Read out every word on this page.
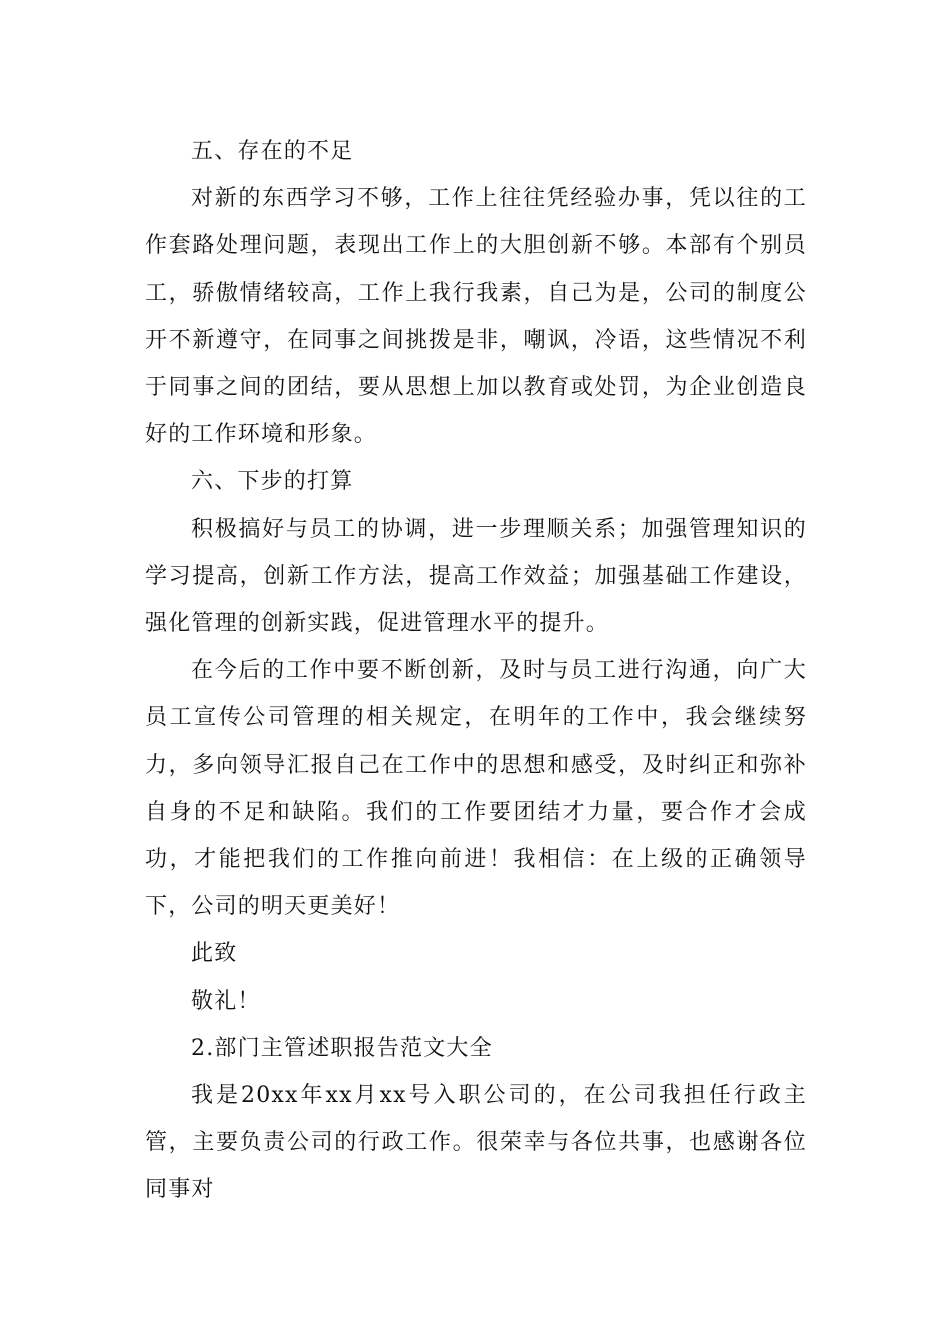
五、存在的不足

对新的东西学习不够，工作上往往凭经验办事，凭以往的工作套路处理问题，表现出工作上的大胆创新不够。本部有个别员工，骄傲情绪较高，工作上我行我素，自己为是，公司的制度公开不新遵守，在同事之间挑拨是非，嘲讽，冷语，这些情况不利于同事之间的团结，要从思想上加以教育或处罚，为企业创造良好的工作环境和形象。

六、下步的打算

积极搞好与员工的协调，进一步理顺关系；加强管理知识的学习提高，创新工作方法，提高工作效益；加强基础工作建设，强化管理的创新实践，促进管理水平的提升。

在今后的工作中要不断创新，及时与员工进行沟通，向广大员工宣传公司管理的相关规定，在明年的工作中，我会继续努力，多向领导汇报自己在工作中的思想和感受，及时纠正和弥补自身的不足和缺陷。我们的工作要团结才力量，要合作才会成功，才能把我们的工作推向前进！我相信：在上级的正确领导下，公司的明天更美好！

此致

敬礼！

2.部门主管述职报告范文大全

我是20xx年xx月xx号入职公司的，在公司我担任行政主管，主要负责公司的行政工作。很荣幸与各位共事，也感谢各位同事对
